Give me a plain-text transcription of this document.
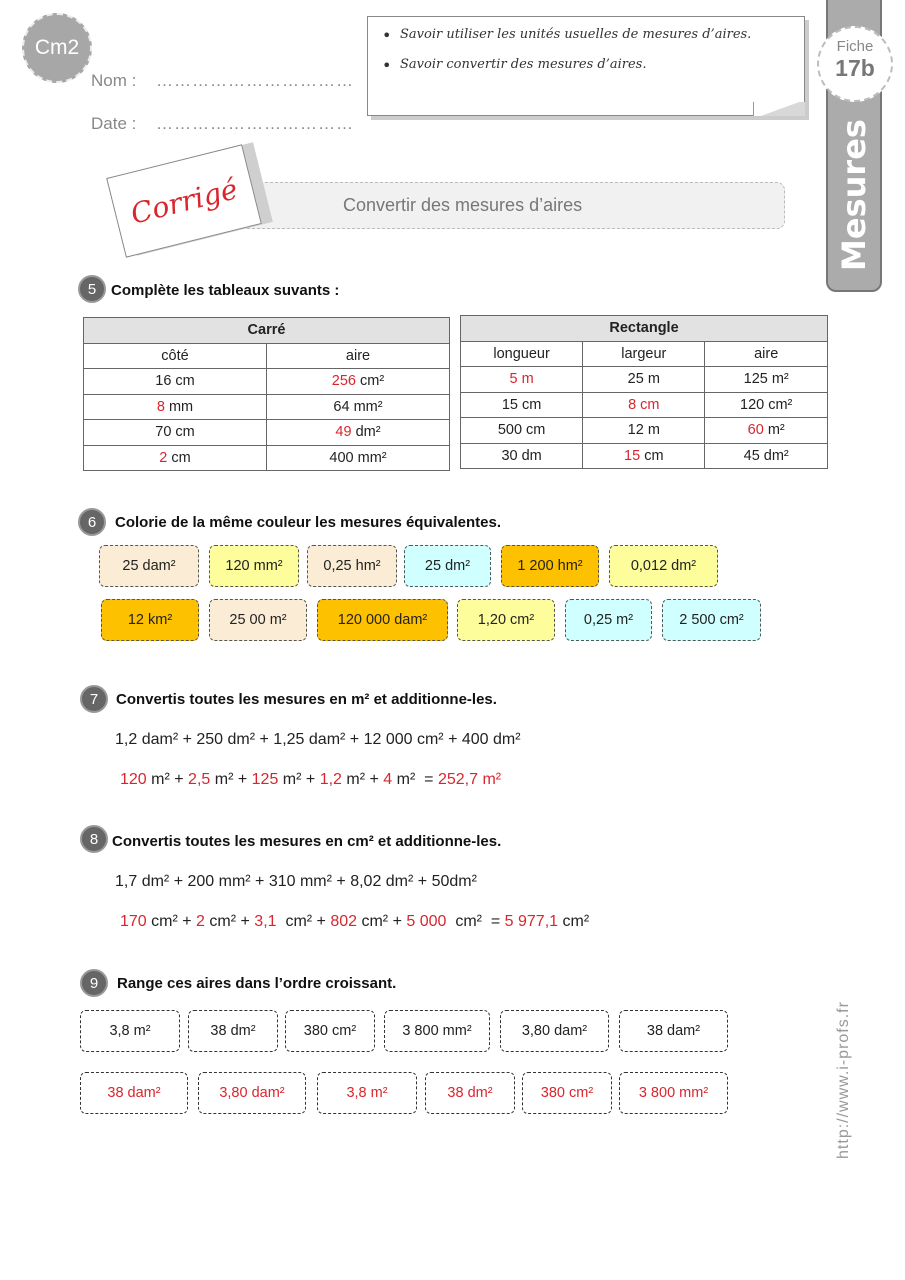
Cm2
Nom : ……………………………
Date : ……………………………
• Savoir utiliser les unités usuelles de mesures d’aires.
• Savoir convertir des mesures d’aires.
Mesures
Fiche
17b
Convertir des mesures d’aires
Corrigé
5 Complète les tableaux suvants :
Carré	
côté	aire
16 cm	256 cm²
8 mm	64 mm²
70 cm	49 dm²
2 cm	400 mm²
Rectangle		
longueur	largeur	aire
5 m	25 m	125 m²
15 cm	8 cm	120 cm²
500 cm	12 m	60 m²
30 dm	15 cm	45 dm²
6 Colorie de la même couleur les mesures équivalentes.
25 dam²	120 mm²	0,25 hm²	25 dm²	1 200 hm²	0,012 dm²
12 km²	25 00 m²	120 000 dam²	1,20 cm²	0,25 m²	2 500 cm²
7 Convertis toutes les mesures en m² et additionne-les.
1,2 dam² + 250 dm² + 1,25 dam² + 12 000 cm² + 400 dm²
120 m² + 2,5 m² + 125 m² + 1,2 m² + 4 m²  = 252,7 m²
8 Convertis toutes les mesures en cm² et additionne-les.
1,7 dm² + 200 mm² + 310 mm² + 8,02 dm² + 50dm²
170 cm² + 2 cm² + 3,1  cm² + 802 cm² + 5 000  cm²  = 5 977,1 cm²
9 Range ces aires dans l’ordre croissant.
3,8 m²	38 dm²	380 cm²	3 800 mm²	3,80 dam²	38 dam²
38 dam²	3,80 dam²	3,8 m²	38 dm²	380 cm²	3 800 mm²	http://www.i-profs.fr
